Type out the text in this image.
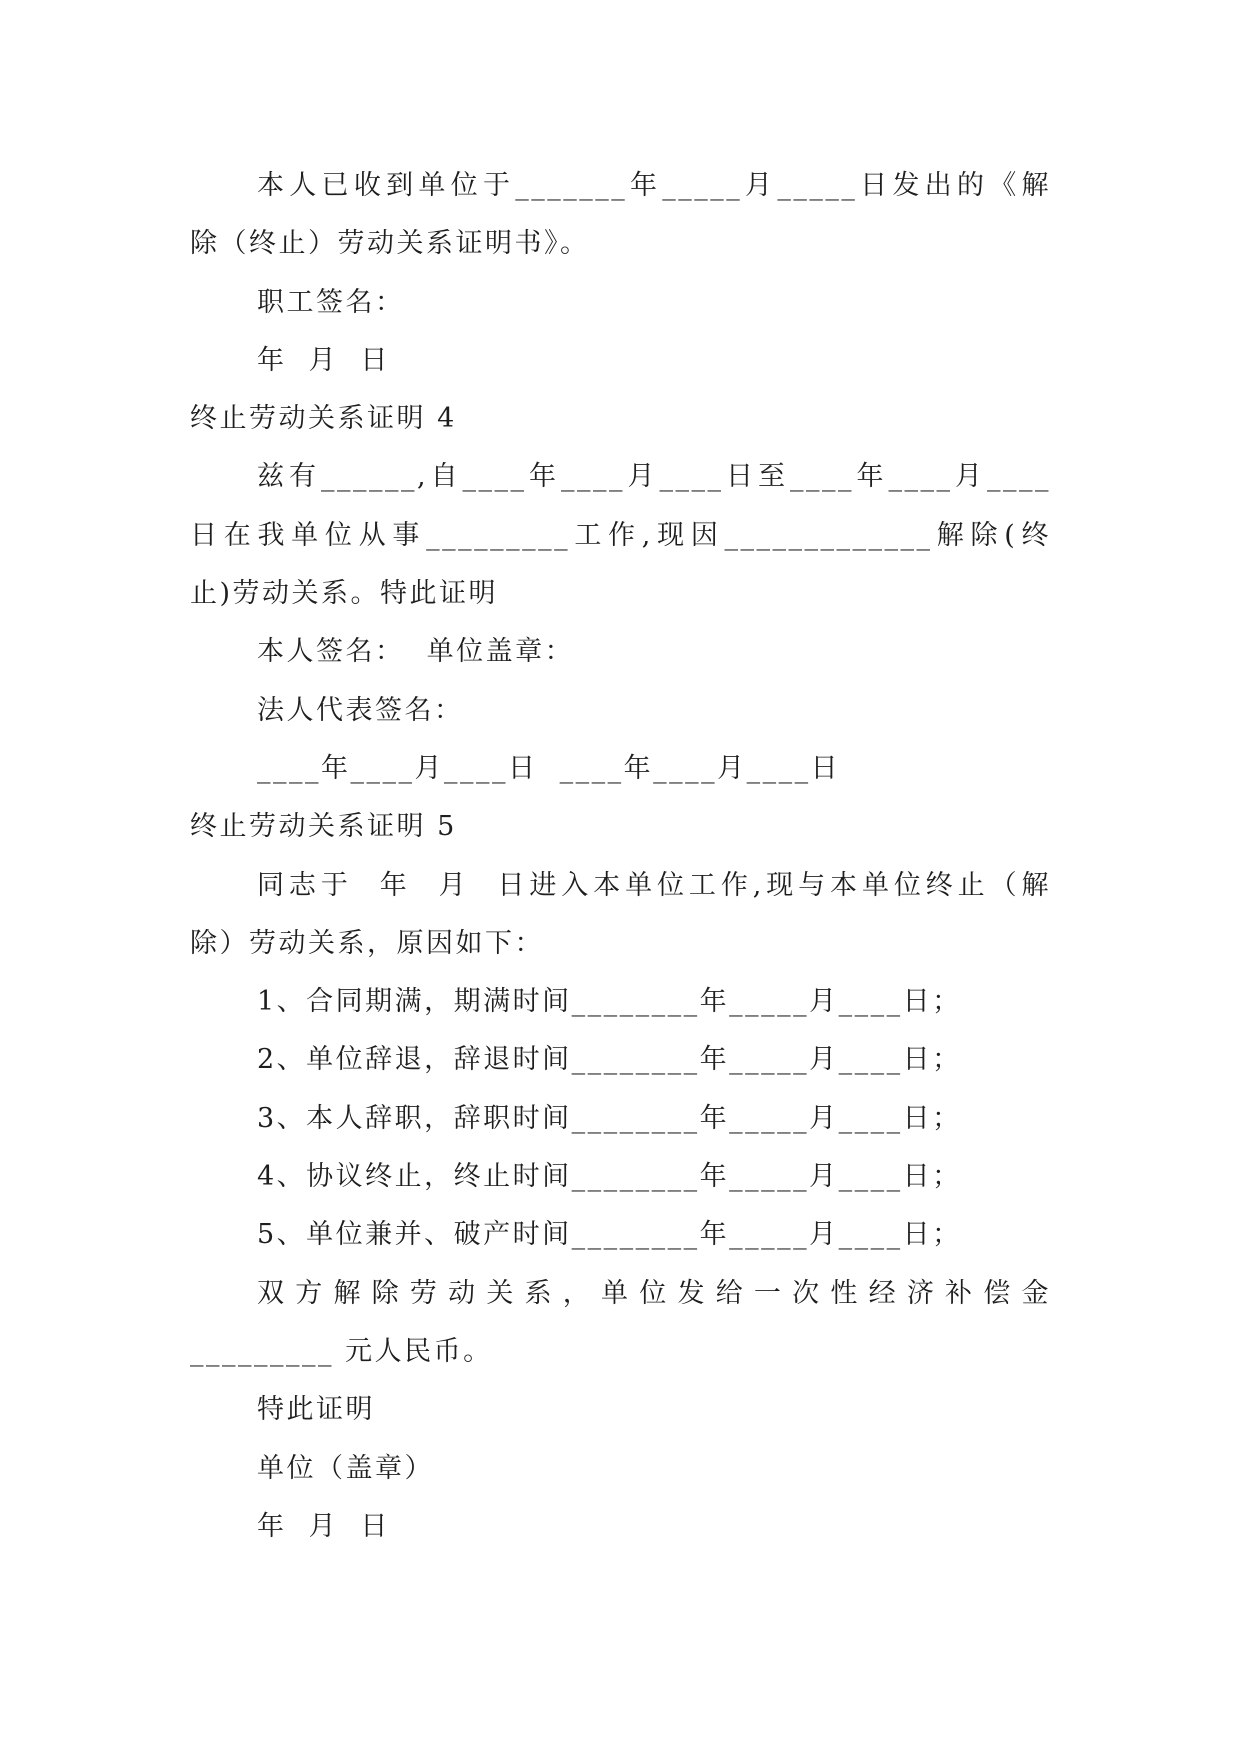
本人已收到单位于_______年_____月_____日发出的《解
除（终止）劳动关系证明书》。
职工签名：
年  月  日
终止劳动关系证明 4
兹有______,自____年____月____日至____年____月____
日在我单位从事_________工作,现因_____________解除(终
止)劳动关系。特此证明
本人签名：  单位盖章：
法人代表签名：
____年____月____日  ____年____月____日
终止劳动关系证明 5
同志于  年  月  日进入本单位工作,现与本单位终止（解
除）劳动关系，原因如下：
1、合同期满，期满时间________年_____月____日；
2、单位辞退，辞退时间________年_____月____日；
3、本人辞职，辞职时间________年_____月____日；
4、协议终止，终止时间________年_____月____日；
5、单位兼并、破产时间________年_____月____日；
双方解除劳动关系，单位发给一次性经济补偿金
_________ 元人民币。
特此证明
单位（盖章）
年  月  日
